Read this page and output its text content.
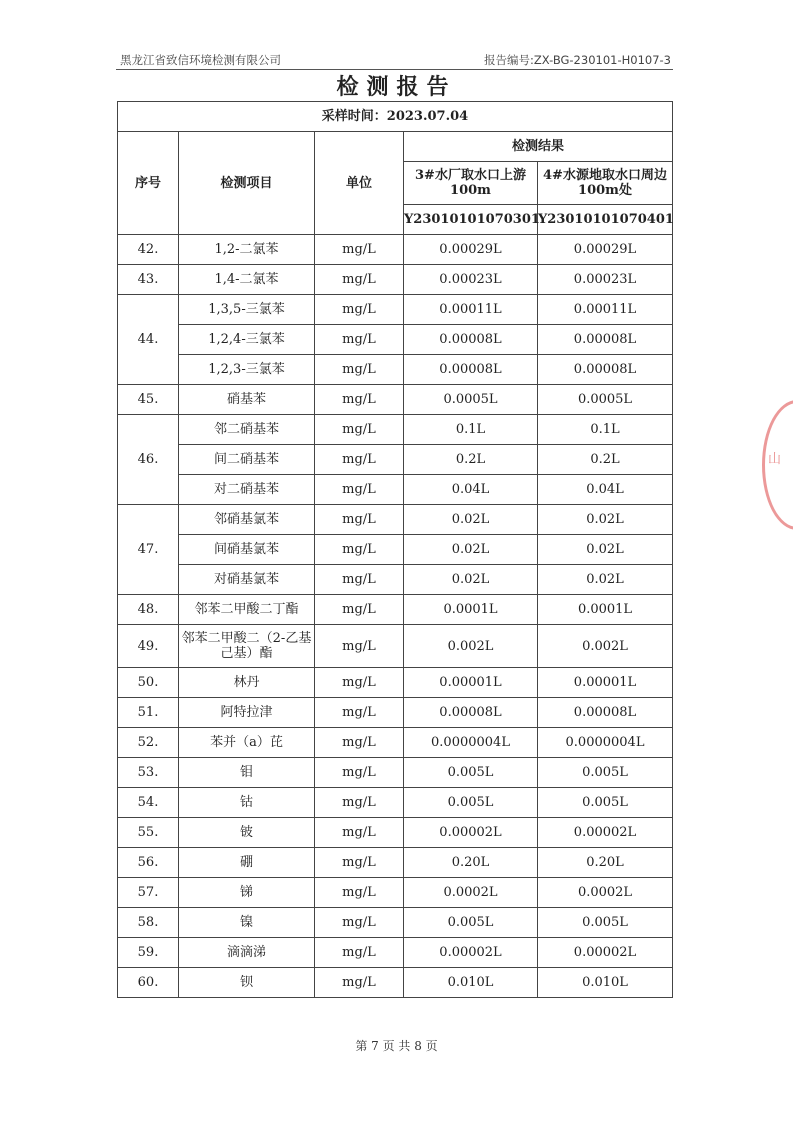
黑龙江省致信环境检测有限公司	报告编号:ZX-BG-230101-H0107-3
检测报告
采样时间：2023.07.04				
序号	检测项目	单位	检测结果	
			3#水厂取水口上游100m	4#水源地取水口周边100m处
			Y23010101070301	Y23010101070401
42.	1,2-二氯苯	mg/L	0.00029L	0.00029L
43.	1,4-二氯苯	mg/L	0.00023L	0.00023L
44.	1,3,5-三氯苯	mg/L	0.00011L	0.00011L
	1,2,4-三氯苯	mg/L	0.00008L	0.00008L
	1,2,3-三氯苯	mg/L	0.00008L	0.00008L
45.	硝基苯	mg/L	0.0005L	0.0005L
46.	邻二硝基苯	mg/L	0.1L	0.1L
	间二硝基苯	mg/L	0.2L	0.2L
	对二硝基苯	mg/L	0.04L	0.04L
47.	邻硝基氯苯	mg/L	0.02L	0.02L
	间硝基氯苯	mg/L	0.02L	0.02L
	对硝基氯苯	mg/L	0.02L	0.02L
48.	邻苯二甲酸二丁酯	mg/L	0.0001L	0.0001L
49.	邻苯二甲酸二（2-乙基己基）酯	mg/L	0.002L	0.002L
50.	林丹	mg/L	0.00001L	0.00001L
51.	阿特拉津	mg/L	0.00008L	0.00008L
52.	苯并（a）芘	mg/L	0.0000004L	0.0000004L
53.	钼	mg/L	0.005L	0.005L
54.	钴	mg/L	0.005L	0.005L
55.	铍	mg/L	0.00002L	0.00002L
56.	硼	mg/L	0.20L	0.20L
57.	锑	mg/L	0.0002L	0.0002L
58.	镍	mg/L	0.005L	0.005L
59.	滴滴涕	mg/L	0.00002L	0.00002L
60.	钡	mg/L	0.010L	0.010L
山
第 7 页 共 8 页
